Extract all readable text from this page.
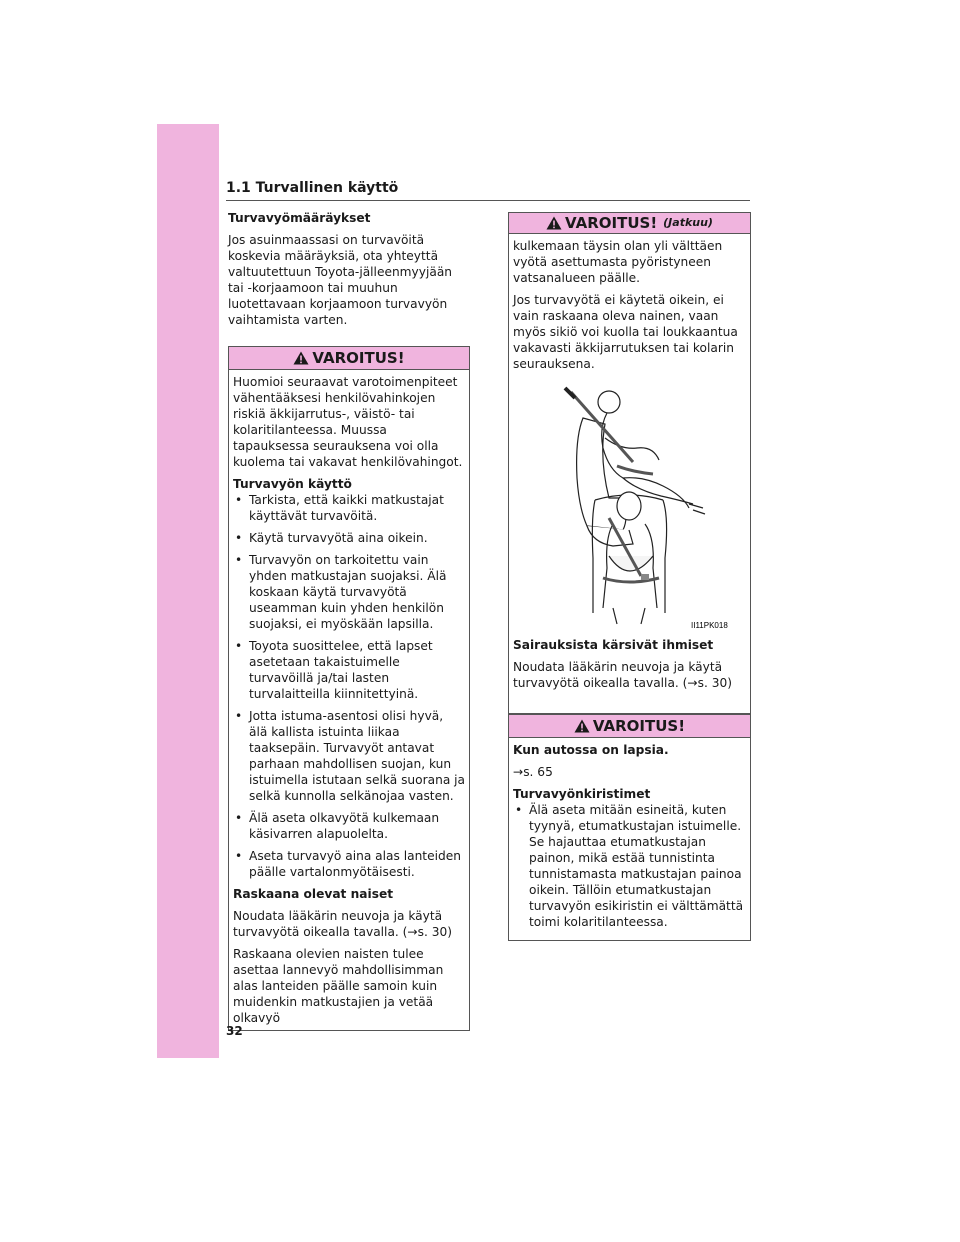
1.1 Turvallinen käyttö
Turvavyömääräykset

Jos asuinmaassasi on turvavöitä koskevia määräyksiä, ota yhteyttä valtuutettuun Toyota-jälleenmyyjään tai -korjaamoon tai muuhun luotettavaan korjaamoon turvavyön vaihtamista varten.

VAROITUS!

Huomioi seuraavat varotoimenpiteet vähentääksesi henkilövahinkojen riskiä äkkijarrutus-, väistö- tai kolaritilanteessa. Muussa tapauksessa seurauksena voi olla kuolema tai vakavat henkilövahingot.

Turvavyön käyttö
• Tarkista, että kaikki matkustajat käyttävät turvavöitä.
• Käytä turvavyötä aina oikein.
• Turvavyön on tarkoitettu vain yhden matkustajan suojaksi. Älä koskaan käytä turvavyötä useamman kuin yhden henkilön suojaksi, ei myöskään lapsilla.
• Toyota suosittelee, että lapset asetetaan takaistuimelle turvavöillä ja/tai lasten turvalaitteilla kiinnitettyinä.
• Jotta istuma-asentosi olisi hyvä, älä kallista istuinta liikaa taaksepäin. Turvavyöt antavat parhaan mahdollisen suojan, kun istuimella istutaan selkä suorana ja selkä kunnolla selkänojaa vasten.
• Älä aseta olkavyötä kulkemaan käsivarren alapuolelta.
• Aseta turvavyö aina alas lanteiden päälle vartalonmyötäisesti.
Raskaana olevat naiset

Noudata lääkärin neuvoja ja käytä turvavyötä oikealla tavalla. (→s. 30)

Raskaana olevien naisten tulee asettaa lannevyö mahdollisimman alas lanteiden päälle samoin kuin muidenkin matkustajien ja vetää olkavyö

VAROITUS! (Jatkuu)

kulkemaan täysin olan yli välttäen vyötä asettumasta pyöristyneen vatsanalueen päälle.

Jos turvavyötä ei käytetä oikein, ei vain raskaana oleva nainen, vaan myös sikiö voi kuolla tai loukkaantua vakavasti äkkijarrutuksen tai kolarin seurauksena.

II11PK018
Sairauksista kärsivät ihmiset

Noudata lääkärin neuvoja ja käytä turvavyötä oikealla tavalla. (→s. 30)

VAROITUS!
Kun autossa on lapsia.

→s. 65

Turvavyönkiristimet
• Älä aseta mitään esineitä, kuten tyynyä, etumatkustajan istuimelle. Se hajauttaa etumatkustajan painon, mikä estää tunnistinta tunnistamasta matkustajan painoa oikein. Tällöin etumatkustajan turvavyön esikiristin ei välttämättä toimi kolaritilanteessa.
32
